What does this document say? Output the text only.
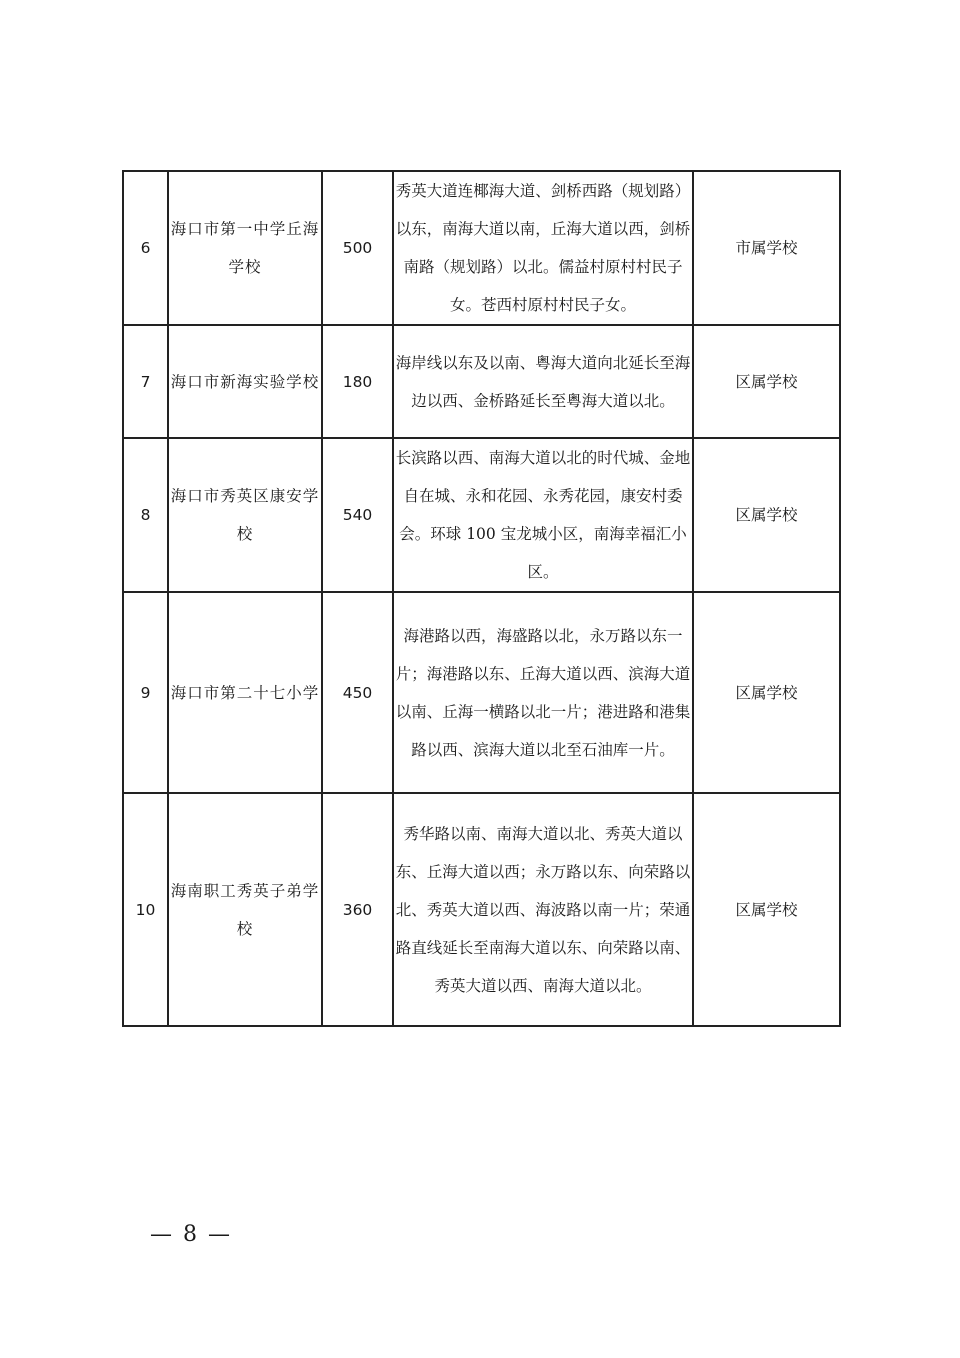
6	海口市第一中学丘海学校	500	秀英大道连椰海大道、剑桥西路（规划路）以东，南海大道以南，丘海大道以西，剑桥南路（规划路）以北。儒益村原村村民子女。苍西村原村村民子女。	市属学校
7	海口市新海实验学校	180	海岸线以东及以南、粤海大道向北延长至海边以西、金桥路延长至粤海大道以北。	区属学校
8	海口市秀英区康安学校	540	长滨路以西、南海大道以北的时代城、金地自在城、永和花园、永秀花园，康安村委会。环球 100 宝龙城小区，南海幸福汇小区。	区属学校
9	海口市第二十七小学	450	海港路以西，海盛路以北，永万路以东一片；海港路以东、丘海大道以西、滨海大道以南、丘海一横路以北一片；港进路和港集路以西、滨海大道以北至石油库一片。	区属学校
10	海南职工秀英子弟学校	360	秀华路以南、南海大道以北、秀英大道以东、丘海大道以西；永万路以东、向荣路以北、秀英大道以西、海波路以南一片；荣通路直线延长至南海大道以东、向荣路以南、秀英大道以西、南海大道以北。	区属学校
— 8 —
